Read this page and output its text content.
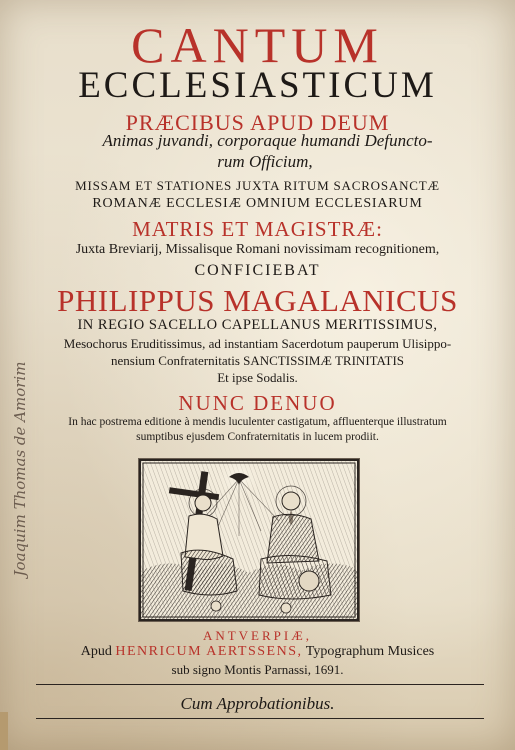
CANTUM
ECCLESIASTICUM
PRÆCIBUS APUD DEUM
Animas juvandi, corporaque humandi Defuncto-
rum Officium,
MISSAM ET STATIONES JUXTA RITUM SACROSANCTÆ
ROMANÆ ECCLESIÆ OMNIUM ECCLESIARUM
MATRIS ET MAGISTRÆ:
Juxta Breviarij, Missalisque Romani novissimam recognitionem,
CONFICIEBAT
PHILIPPUS MAGALANICUS
IN REGIO SACELLO CAPELLANUS MERITISSIMUS,
Mesochorus Eruditissimus, ad instantiam Sacerdotum pauperum Ulisippo-
nensium Confraternitatis SANCTISSIMÆ TRINITATIS
Et ipse Sodalis.
NUNC DENUO
In hac postrema editione à mendis luculenter castigatum, affluenterque illustratum
sumptibus ejusdem Confraternitatis in lucem prodiit.
ANTVERPIÆ,
Apud HENRICUM AERTSSENS, Typographum Musices
sub signo Montis Parnassi, 1691.
Cum Approbationibus.
Joaquim Thomas de Amorim
